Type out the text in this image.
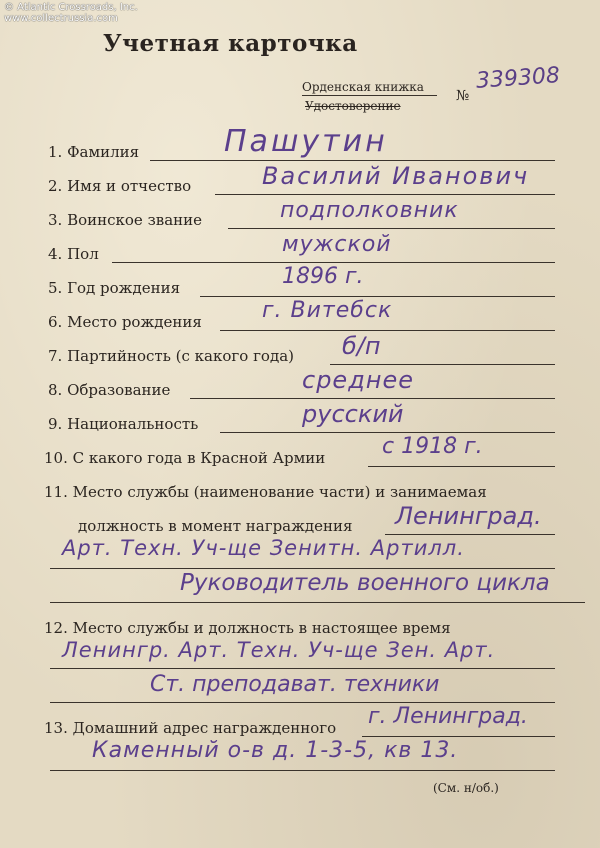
© Atlantic Crossroads, Inc.
www.collectrussia.com
Учетная карточка
Орденская книжка
Удостоверение
№
339308
1. Фамилия	Пашутин
2. Имя и отчество	Василий Иванович
3. Воинское звание	подполковник
4. Пол	мужской
5. Год рождения	1896 г.
6. Место рождения	г. Витебск
7. Партийность (с какого года) б/п
8. Образование	среднее
9. Национальность	русский
10. С какого года в Красной Армии	с 1918 г.
11. Место службы (наименование части) и занимаемая
должность в момент награждения Ленинград.
Арт. Техн. Уч-ще Зенитн. Артилл.
Руководитель военного цикла
12. Место службы и должность в настоящее время
Ленингр. Арт. Техн. Уч-ще Зен. Арт.
Ст. преподават. техники
13. Домашний адрес награжденного г. Ленинград.
Каменный о-в д. 1-3-5, кв 13.
(См. н/об.)
